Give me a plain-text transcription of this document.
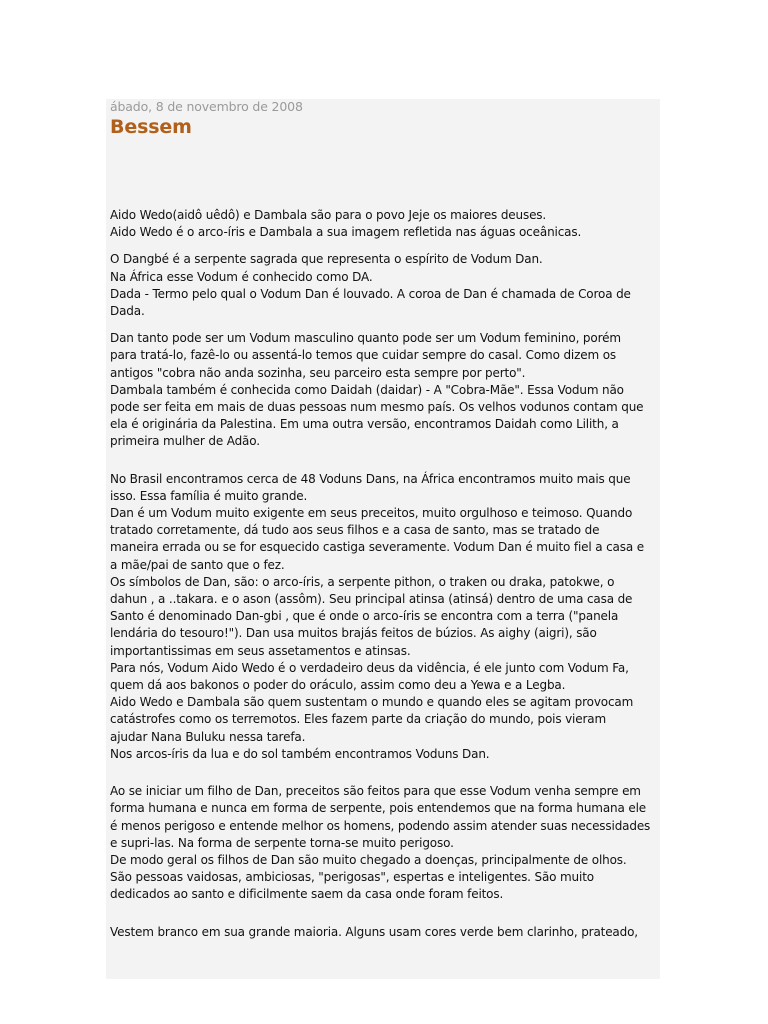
ábado, 8 de novembro de 2008
Bessem

Aido Wedo(aidô uêdô) e Dambala são para o povo Jeje os maiores deuses.
Aido Wedo é o arco-íris e Dambala a sua imagem refletida nas águas oceânicas.

O Dangbé é a serpente sagrada que representa o espírito de Vodum Dan.
Na África esse Vodum é conhecido como DA.
Dada - Termo pelo qual o Vodum Dan é louvado. A coroa de Dan é chamada de Coroa de
Dada.

Dan tanto pode ser um Vodum masculino quanto pode ser um Vodum feminino, porém
para tratá-lo, fazê-lo ou assentá-lo temos que cuidar sempre do casal. Como dizem os
antigos "cobra não anda sozinha, seu parceiro esta sempre por perto".
Dambala também é conhecida como Daidah (daidar) - A "Cobra-Mãe". Essa Vodum não
pode ser feita em mais de duas pessoas num mesmo país. Os velhos vodunos contam que
ela é originária da Palestina. Em uma outra versão, encontramos Daidah como Lilith, a
primeira mulher de Adão.

No Brasil encontramos cerca de 48 Voduns Dans, na África encontramos muito mais que
isso. Essa família é muito grande.
Dan é um Vodum muito exigente em seus preceitos, muito orgulhoso e teimoso. Quando
tratado corretamente, dá tudo aos seus filhos e a casa de santo, mas se tratado de
maneira errada ou se for esquecido castiga severamente. Vodum Dan é muito fiel a casa e
a mãe/pai de santo que o fez.
Os símbolos de Dan, são: o arco-íris, a serpente pithon, o traken ou draka, patokwe, o
dahun , a ..takara. e o ason (assôm). Seu principal atinsa (atinsá) dentro de uma casa de
Santo é denominado Dan-gbi , que é onde o arco-íris se encontra com a terra ("panela
lendária do tesouro!"). Dan usa muitos brajás feitos de búzios. As aighy (aigri), são
importantissimas em seus assetamentos e atinsas.
Para nós, Vodum Aido Wedo é o verdadeiro deus da vidência, é ele junto com Vodum Fa,
quem dá aos bakonos o poder do oráculo, assim como deu a Yewa e a Legba.
Aido Wedo e Dambala são quem sustentam o mundo e quando eles se agitam provocam
catástrofes como os terremotos. Eles fazem parte da criação do mundo, pois vieram
ajudar Nana Buluku nessa tarefa.
Nos arcos-íris da lua e do sol também encontramos Voduns Dan.

Ao se iniciar um filho de Dan, preceitos são feitos para que esse Vodum venha sempre em
forma humana e nunca em forma de serpente, pois entendemos que na forma humana ele
é menos perigoso e entende melhor os homens, podendo assim atender suas necessidades
e supri-las. Na forma de serpente torna-se muito perigoso.
De modo geral os filhos de Dan são muito chegado a doenças, principalmente de olhos.
São pessoas vaidosas, ambiciosas, "perigosas", espertas e inteligentes. São muito
dedicados ao santo e dificilmente saem da casa onde foram feitos.

Vestem branco em sua grande maioria. Alguns usam cores verde bem clarinho, prateado,
